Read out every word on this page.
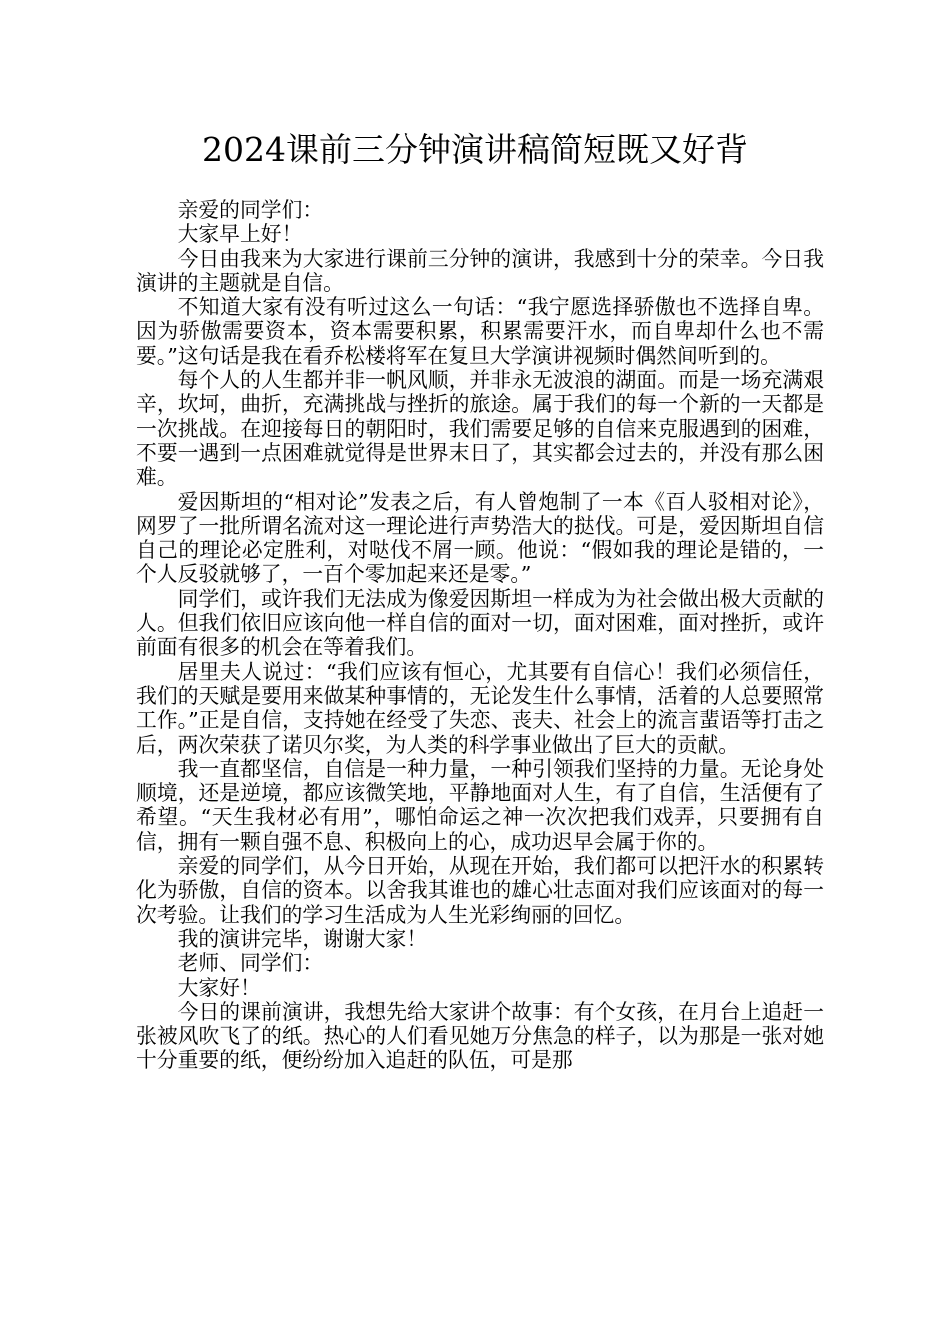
2024课前三分钟演讲稿简短既又好背

亲爱的同学们：

大家早上好！

今日由我来为大家进行课前三分钟的演讲，我感到十分的荣幸。今日我演讲的主题就是自信。

不知道大家有没有听过这么一句话：“我宁愿选择骄傲也不选择自卑。因为骄傲需要资本，资本需要积累，积累需要汗水，而自卑却什么也不需要。”这句话是我在看乔松楼将军在复旦大学演讲视频时偶然间听到的。

每个人的人生都并非一帆风顺，并非永无波浪的湖面。而是一场充满艰辛，坎坷，曲折，充满挑战与挫折的旅途。属于我们的每一个新的一天都是一次挑战。在迎接每日的朝阳时，我们需要足够的自信来克服遇到的困难，不要一遇到一点困难就觉得是世界末日了，其实都会过去的，并没有那么困难。

爱因斯坦的“相对论”发表之后，有人曾炮制了一本《百人驳相对论》，网罗了一批所谓名流对这一理论进行声势浩大的挞伐。可是，爱因斯坦自信自己的理论必定胜利，对哒伐不屑一顾。他说：“假如我的理论是错的，一个人反驳就够了，一百个零加起来还是零。”

同学们，或许我们无法成为像爱因斯坦一样成为为社会做出极大贡献的人。但我们依旧应该向他一样自信的面对一切，面对困难，面对挫折，或许前面有很多的机会在等着我们。

居里夫人说过：“我们应该有恒心，尤其要有自信心！我们必须信任，我们的天赋是要用来做某种事情的，无论发生什么事情，活着的人总要照常工作。”正是自信，支持她在经受了失恋、丧夫、社会上的流言蜚语等打击之后，两次荣获了诺贝尔奖，为人类的科学事业做出了巨大的贡献。

我一直都坚信，自信是一种力量，一种引领我们坚持的力量。无论身处顺境，还是逆境，都应该微笑地，平静地面对人生，有了自信，生活便有了希望。“天生我材必有用”，哪怕命运之神一次次把我们戏弄，只要拥有自信，拥有一颗自强不息、积极向上的心，成功迟早会属于你的。

亲爱的同学们，从今日开始，从现在开始，我们都可以把汗水的积累转化为骄傲，自信的资本。以舍我其谁也的雄心壮志面对我们应该面对的每一次考验。让我们的学习生活成为人生光彩绚丽的回忆。

我的演讲完毕，谢谢大家！

老师、同学们：

大家好！

今日的课前演讲，我想先给大家讲个故事：有个女孩，在月台上追赶一张被风吹飞了的纸。热心的人们看见她万分焦急的样子，以为那是一张对她十分重要的纸，便纷纷加入追赶的队伍，可是那
